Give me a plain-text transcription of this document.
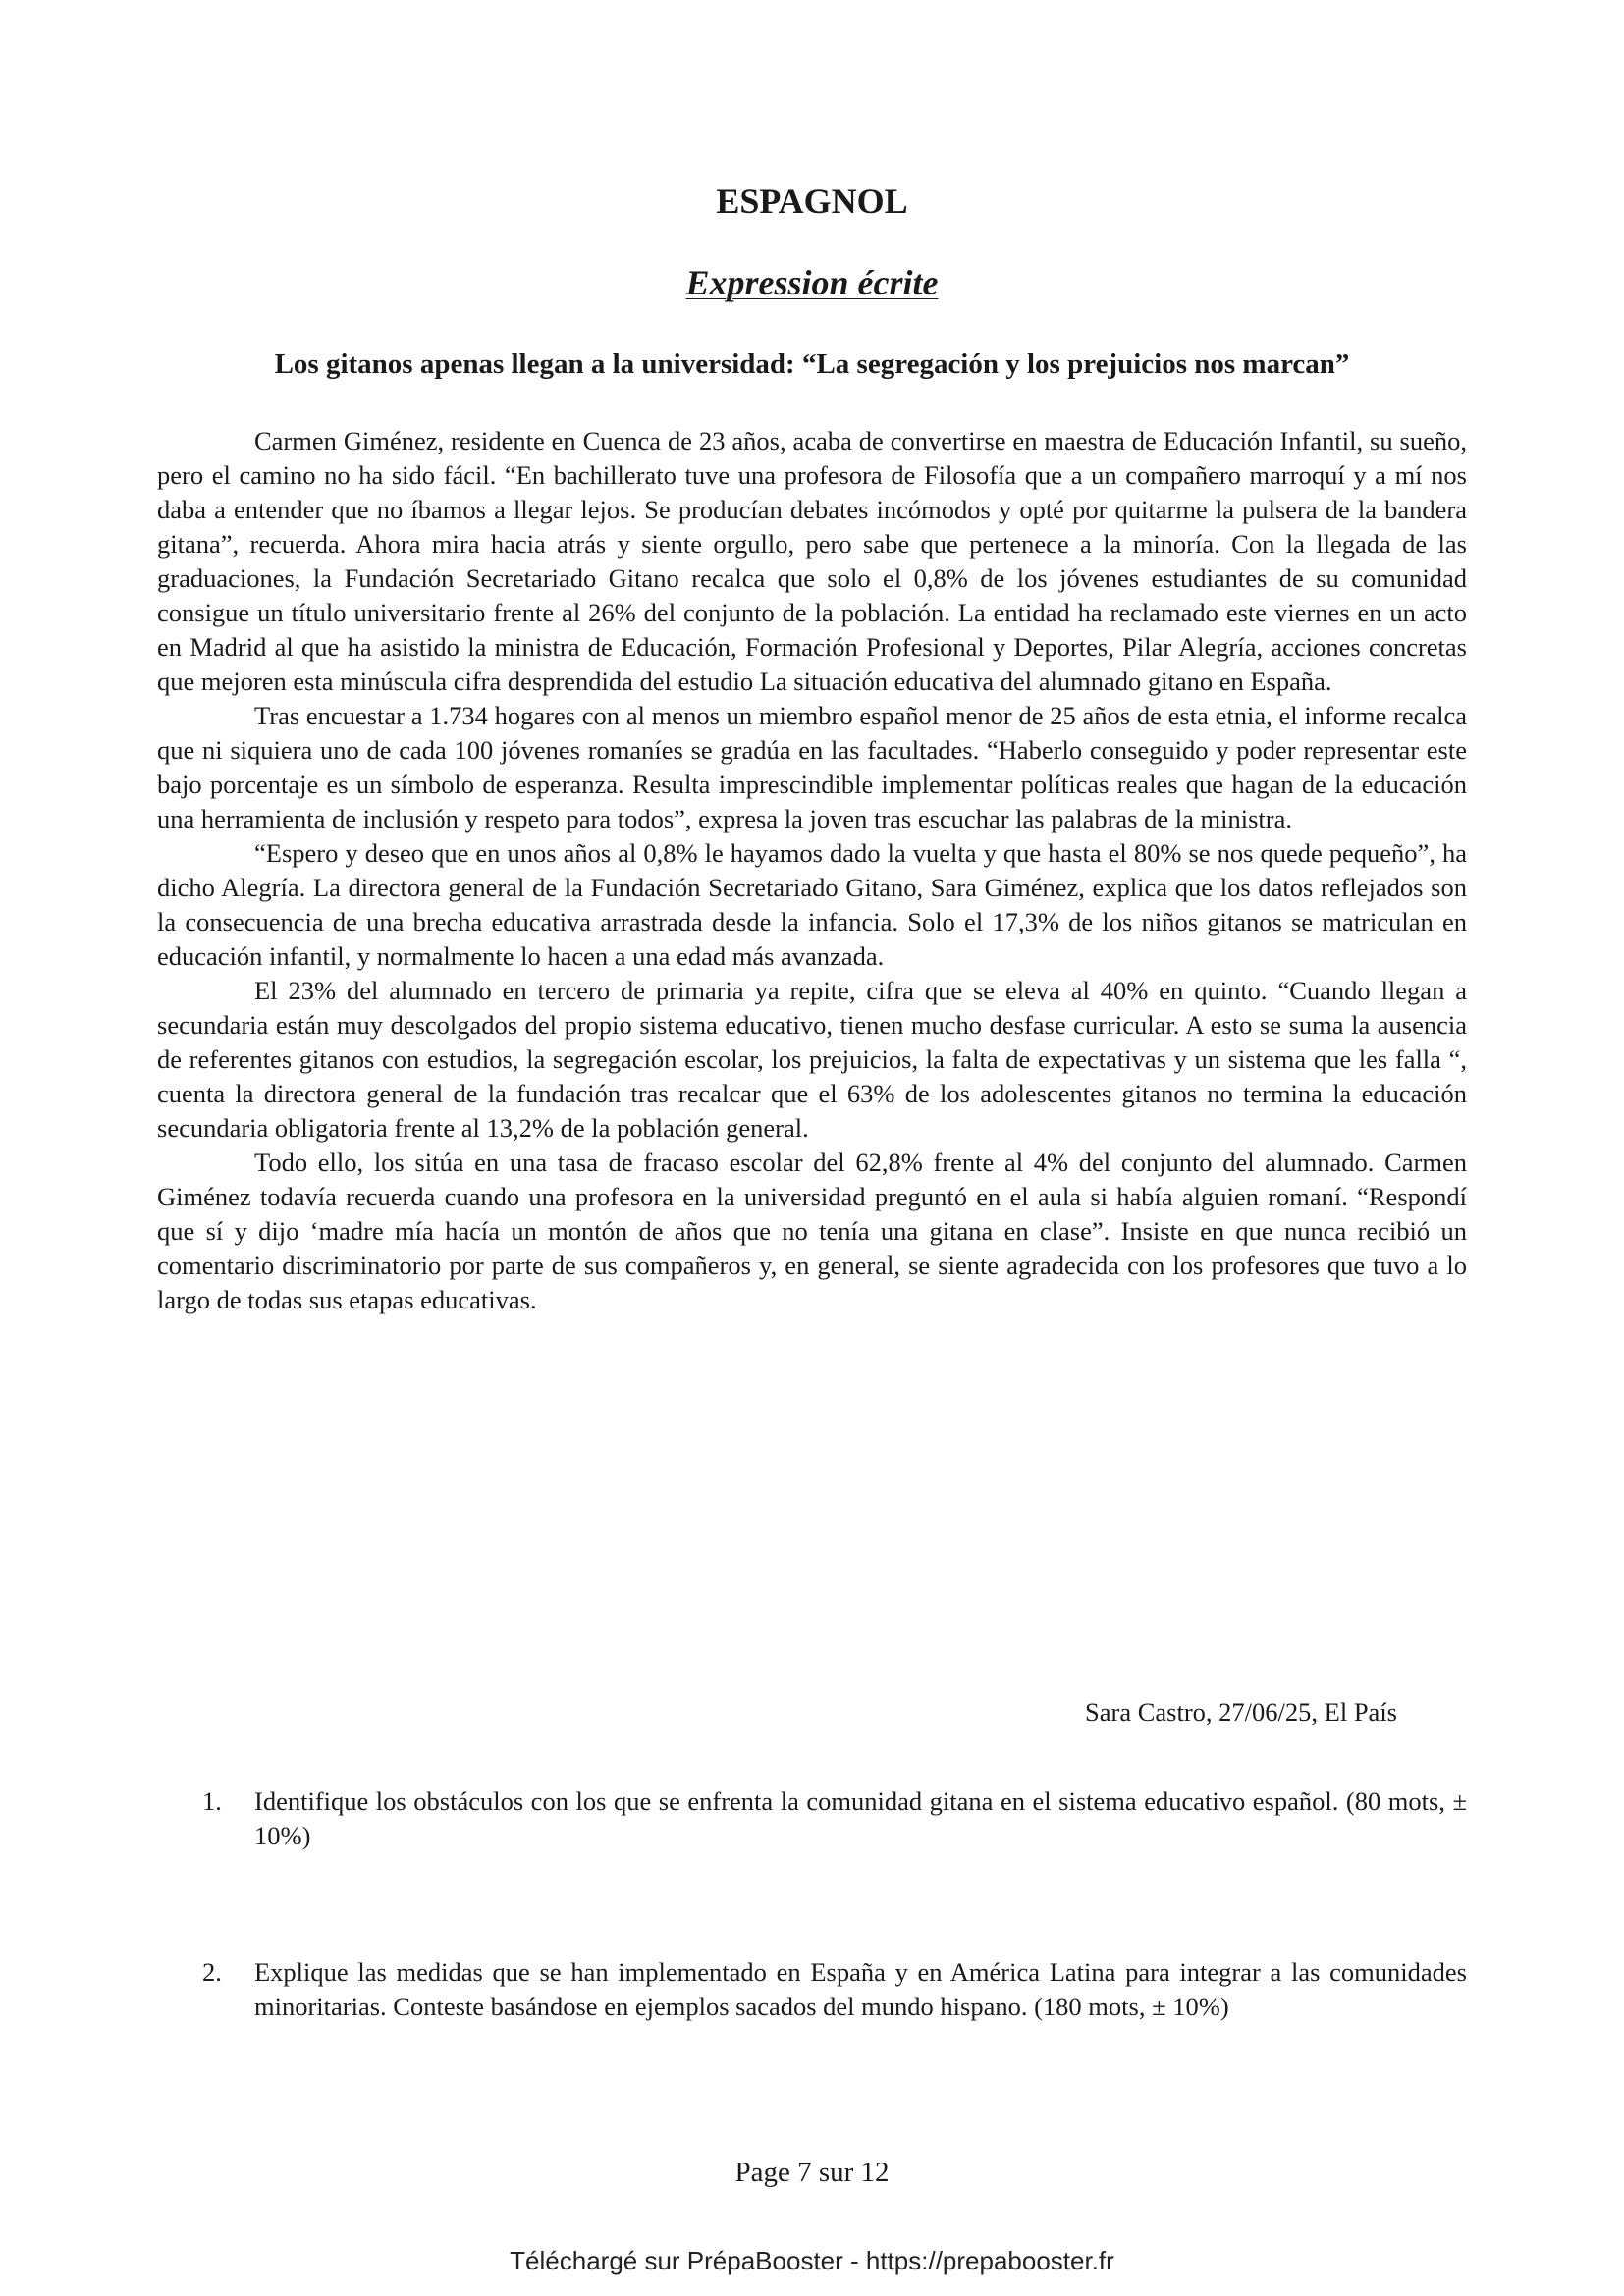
ESPAGNOL
Expression écrite
Los gitanos apenas llegan a la universidad: “La segregación y los prejuicios nos marcan”

Carmen Giménez, residente en Cuenca de 23 años, acaba de convertirse en maestra de Educación Infantil, su sueño, pero el camino no ha sido fácil. “En bachillerato tuve una profesora de Filosofía que a un compañero marroquí y a mí nos daba a entender que no íbamos a llegar lejos. Se producían debates incómodos y opté por quitarme la pulsera de la bandera gitana”, recuerda. Ahora mira hacia atrás y siente orgullo, pero sabe que pertenece a la minoría. Con la llegada de las graduaciones, la Fundación Secretariado Gitano recalca que solo el 0,8% de los jóvenes estudiantes de su comunidad consigue un título universitario frente al 26% del conjunto de la población. La entidad ha reclamado este viernes en un acto en Madrid al que ha asistido la ministra de Educación, Formación Profesional y Deportes, Pilar Alegría, acciones concretas que mejoren esta minúscula cifra desprendida del estudio La situación educativa del alumnado gitano en España.

Tras encuestar a 1.734 hogares con al menos un miembro español menor de 25 años de esta etnia, el informe recalca que ni siquiera uno de cada 100 jóvenes romaníes se gradúa en las facultades. “Haberlo conseguido y poder representar este bajo porcentaje es un símbolo de esperanza. Resulta imprescindible implementar políticas reales que hagan de la educación una herramienta de inclusión y respeto para todos”, expresa la joven tras escuchar las palabras de la ministra.

“Espero y deseo que en unos años al 0,8% le hayamos dado la vuelta y que hasta el 80% se nos quede pequeño”, ha dicho Alegría. La directora general de la Fundación Secretariado Gitano, Sara Giménez, explica que los datos reflejados son la consecuencia de una brecha educativa arrastrada desde la infancia. Solo el 17,3% de los niños gitanos se matriculan en educación infantil, y normalmente lo hacen a una edad más avanzada.

El 23% del alumnado en tercero de primaria ya repite, cifra que se eleva al 40% en quinto. “Cuando llegan a secundaria están muy descolgados del propio sistema educativo, tienen mucho desfase curricular. A esto se suma la ausencia de referentes gitanos con estudios, la segregación escolar, los prejuicios, la falta de expectativas y un sistema que les falla “, cuenta la directora general de la fundación tras recalcar que el 63% de los adolescentes gitanos no termina la educación secundaria obligatoria frente al 13,2% de la población general.

Todo ello, los sitúa en una tasa de fracaso escolar del 62,8% frente al 4% del conjunto del alumnado. Carmen Giménez todavía recuerda cuando una profesora en la universidad preguntó en el aula si había alguien romaní. “Respondí que sí y dijo ‘madre mía hacía un montón de años que no tenía una gitana en clase”. Insiste en que nunca recibió un comentario discriminatorio por parte de sus compañeros y, en general, se siente agradecida con los profesores que tuvo a lo largo de todas sus etapas educativas.

Sara Castro, 27/06/25, El País

1. Identifique los obstáculos con los que se enfrenta la comunidad gitana en el sistema educativo español. (80 mots, ± 10%)
2. Explique las medidas que se han implementado en España y en América Latina para integrar a las comunidades minoritarias. Conteste basándose en ejemplos sacados del mundo hispano. (180 mots, ± 10%)

Page 7 sur 12

Téléchargé sur PrépaBooster - https://prepabooster.fr
